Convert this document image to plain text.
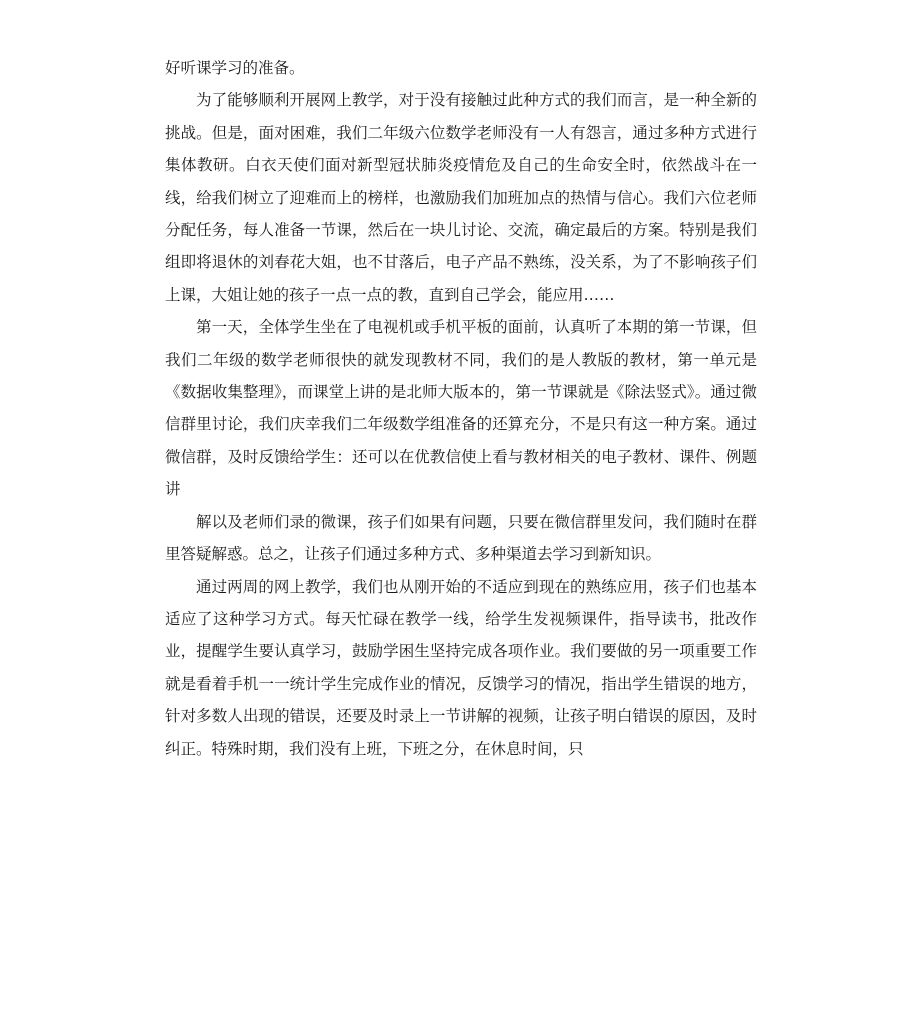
好听课学习的准备。

为了能够顺利开展网上教学，对于没有接触过此种方式的我们而言，是一种全新的挑战。但是，面对困难，我们二年级六位数学老师没有一人有怨言，通过多种方式进行集体教研。白衣天使们面对新型冠状肺炎疫情危及自己的生命安全时，依然战斗在一线，给我们树立了迎难而上的榜样，也激励我们加班加点的热情与信心。我们六位老师分配任务，每人准备一节课，然后在一块儿讨论、交流，确定最后的方案。特别是我们组即将退休的刘春花大姐，也不甘落后，电子产品不熟练，没关系，为了不影响孩子们上课，大姐让她的孩子一点一点的教，直到自己学会，能应用……

第一天，全体学生坐在了电视机或手机平板的面前，认真听了本期的第一节课，但我们二年级的数学老师很快的就发现教材不同，我们的是人教版的教材，第一单元是《数据收集整理》，而课堂上讲的是北师大版本的，第一节课就是《除法竖式》。通过微信群里讨论，我们庆幸我们二年级数学组准备的还算充分，不是只有这一种方案。通过微信群，及时反馈给学生：还可以在优教信使上看与教材相关的电子教材、课件、例题讲

解以及老师们录的微课，孩子们如果有问题，只要在微信群里发问，我们随时在群里答疑解惑。总之，让孩子们通过多种方式、多种渠道去学习到新知识。

通过两周的网上教学，我们也从刚开始的不适应到现在的熟练应用，孩子们也基本适应了这种学习方式。每天忙碌在教学一线，给学生发视频课件，指导读书，批改作业，提醒学生要认真学习，鼓励学困生坚持完成各项作业。我们要做的另一项重要工作就是看着手机一一统计学生完成作业的情况，反馈学习的情况，指出学生错误的地方，针对多数人出现的错误，还要及时录上一节讲解的视频，让孩子明白错误的原因，及时纠正。特殊时期，我们没有上班，下班之分，在休息时间，只
